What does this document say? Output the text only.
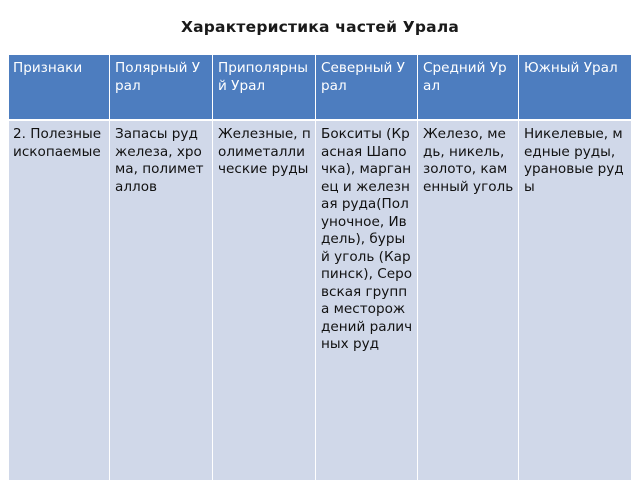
Характеристика частей Урала
Признаки	Полярный Урал
Приполярный Урал
Северный Урал
Средний Урал
Южный Урал
2. Полезные ископаемые
Запасы руд железа, хрома, полиметаллов
Железные, полиметаллические руды
Бокситы (Красная Шапочка), марганец и железная руда(Полуночное, Ивдель), бурый уголь (Карпинск), Серовская группа месторождений раличных руд
Железо, медь, никель, золото, каменный уголь
Никелевые, медные руды, урановые руды
